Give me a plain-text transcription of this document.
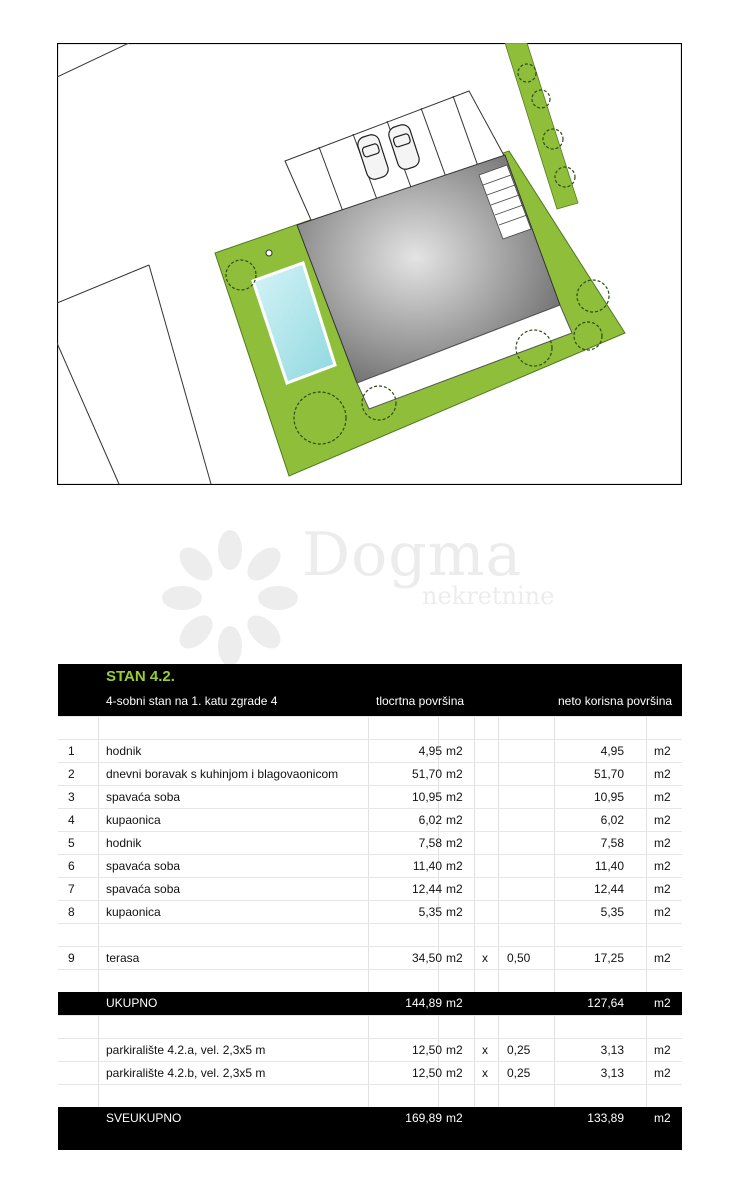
Dogma
nekretnine
STAN 4.2.
4-sobni stan na 1. katu zgrade 4	tlocrtna površina	neto korisna površina
1	hodnik	4,95 m2	4,95	m2
2	dnevni boravak s kuhinjom i blagovaonicom	51,70 m2	51,70	m2
3	spavaća soba	10,95 m2	10,95	m2
4	kupaonica	6,02 m2	6,02	m2
5	hodnik	7,58 m2	7,58	m2
6	spavaća soba	11,40 m2	11,40	m2
7	spavaća soba	12,44 m2	12,44	m2
8	kupaonica	5,35 m2	5,35	m2
9	terasa	34,50 m2	x	0,50	17,25	m2
UKUPNO	144,89 m2	127,64	m2
parkiralište 4.2.a, vel. 2,3x5 m	12,50 m2	x	0,25	3,13	m2
parkiralište 4.2.b, vel. 2,3x5 m	12,50 m2	x	0,25	3,13	m2
SVEUKUPNO	169,89 m2	133,89	m2
